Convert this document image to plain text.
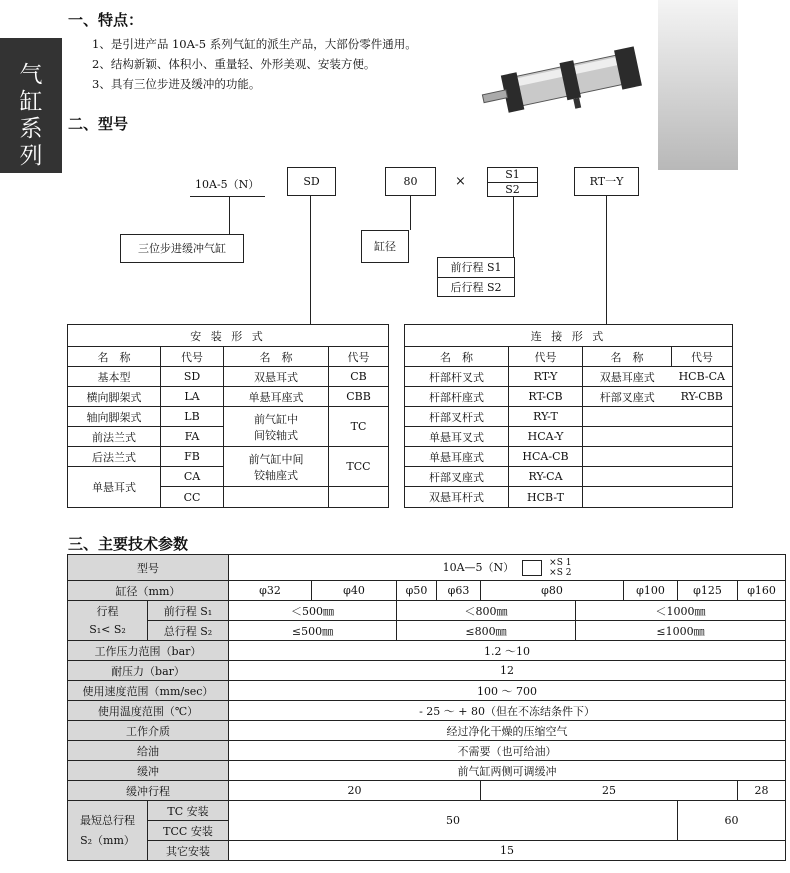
气
缸
系
列
一、特点：
1、是引进产品 10A-5 系列气缸的派生产品，大部份零件通用。
2、结构新颖、体积小、重量轻、外形美观、安装方便。
3、具有三位步进及缓冲的功能。
二、型号
10A-5（N）	SD	80	×	S1
S2
RT一Y
三位步进缓冲气缸	缸径
前行程 S1
后行程 S2
安 装 形 式			
名　称	代号	名　称	代号
基本型	SD	双悬耳式	CB
横向脚架式	LA	单悬耳座式	CBB
轴向脚架式	LB	前气缸中
间铰轴式	TC
前法兰式	FA		
后法兰式	FB	前气缸中间
铰轴座式	TCC
单悬耳式	CA		
	CC		
连 接 形 式			
名　称	代号	名　称	代号
杆部杆叉式	RT-Y	双悬耳座式	HCB-CA
杆部杆座式	RT-CB	杆部叉座式	RY-CBB
杆部叉杆式	RY-T		
单悬耳叉式	HCA-Y		
单悬耳座式	HCA-CB		
杆部叉座式	RY-CA		
双悬耳杆式	HCB-T		
三、主要技术参数
型号		10A—5（N） ×S 1
×S 2								

缸径（mm）		φ32	φ40	φ50	φ63	φ80		φ100	φ125	φ160

行程
S₁< S₂	前行程 S₁	＜500㎜		＜800㎜			＜1000㎜			
	总行程 S₂	≤500㎜		≤800㎜			≤1000㎜			
工作压力范围（bar）		1.2 ～10								
耐压力（bar）		12								
使用速度范围（mm/sec）		100 ～ 700								
使用温度范围（℃）		- 25 ～ + 80（但在不冻结条件下）								
工作介质		经过净化干燥的压缩空气								
给油		不需要（也可给油）								
缓冲		前气缸两侧可调缓冲								
缓冲行程		20				25				28

最短总行程
S₂（mm）	TC 安装	50							60	
	TCC 安装									
	其它安装	15								
